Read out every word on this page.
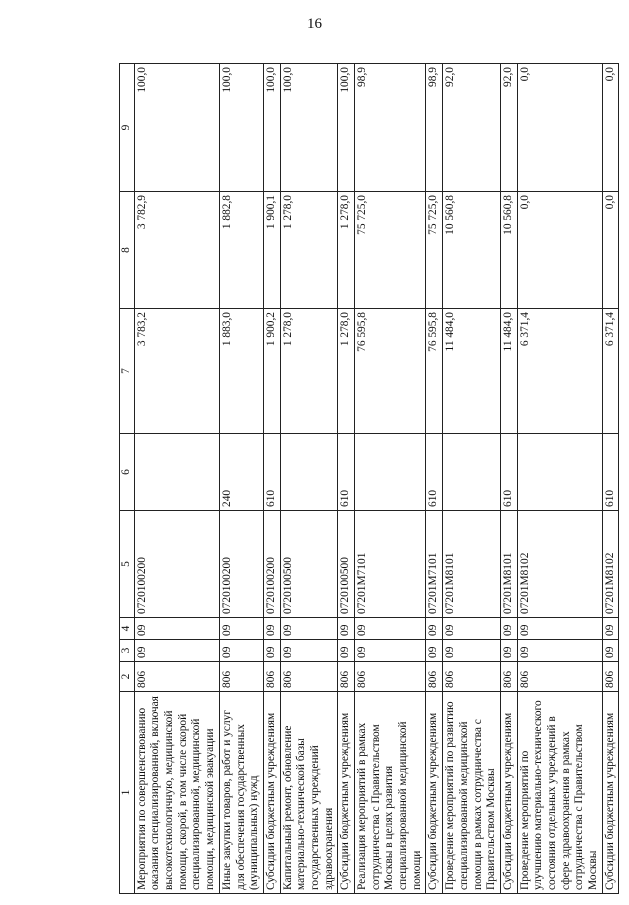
16
1	2	3	4	5	6	7	8	9
Мероприятия по совершенствованию оказания специализированной, включая высокотехнологичную, медицинской помощи, скорой, в том числе скорой специализированной, медицинской помощи, медицинской эвакуации	806	09	09	0720100200		3 783,2	3 782,9	100,0
Иные закупки товаров, работ и услуг для обеспечения государственных (муниципальных) нужд	806	09	09	0720100200	240	1 883,0	1 882,8	100,0
Субсидии бюджетным учреждениям	806	09	09	0720100200	610	1 900,2	1 900,1	100,0
Капитальный ремонт, обновление материально-технической базы государственных учреждений здравоохранения	806	09	09	0720100500		1 278,0	1 278,0	100,0
Субсидии бюджетным учреждениям	806	09	09	0720100500	610	1 278,0	1 278,0	100,0
Реализация мероприятий в рамках сотрудничества с Правительством Москвы в целях развития специализированной медицинской помощи	806	09	09	07201M7101		76 595,8	75 725,0	98,9
Субсидии бюджетным учреждениям	806	09	09	07201M7101	610	76 595,8	75 725,0	98,9
Проведение мероприятий по развитию специализированной медицинской помощи в рамках сотрудничества с Правительством Москвы	806	09	09	07201M8101		11 484,0	10 560,8	92,0
Субсидии бюджетным учреждениям	806	09	09	07201M8101	610	11 484,0	10 560,8	92,0
Проведение мероприятий по улучшению материально-технического состояния отдельных учреждений в сфере здравоохранения в рамках сотрудничества с Правительством Москвы	806	09	09	07201M8102		6 371,4	0,0	0,0
Субсидии бюджетным учреждениям	806	09	09	07201M8102	610	6 371,4	0,0	0,0
